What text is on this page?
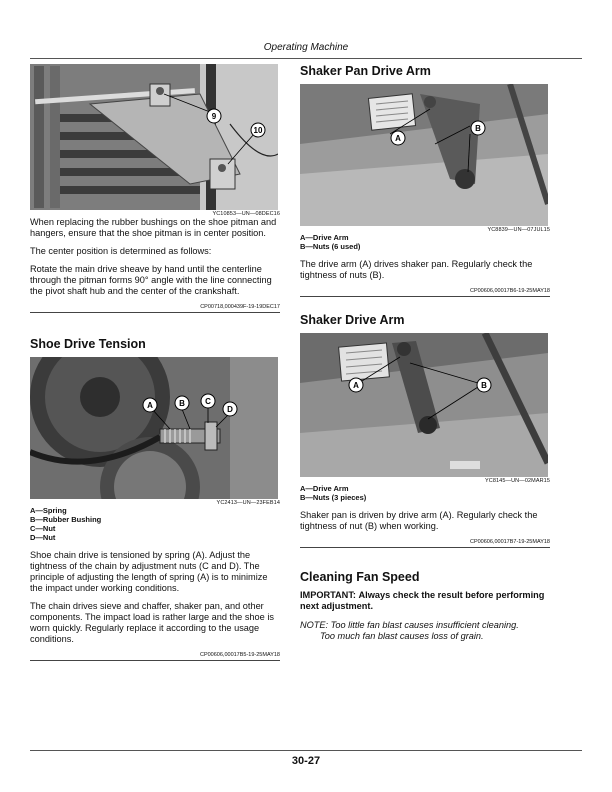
Operating Machine
9
10
YC10853—UN—08DEC16

When replacing the rubber bushings on the shoe pitman and hangers, ensure that the shoe pitman is in center position.

The center position is determined as follows:

Rotate the main drive sheave by hand until the centerline through the pitman forms 90° angle with the line connecting the pivot shaft hub and the center of the crankshaft.

CP00718,000439F-19-19DEC17
Shoe Drive Tension
A	B	C
D
YC2413—UN—23FEB14
A—Spring
B—Rubber Bushing
C—Nut
D—Nut

Shoe chain drive is tensioned by spring (A). Adjust the tightness of the chain by adjustment nuts (C and D). The principle of adjusting the length of spring (A) is to minimize the impact under working conditions.

The chain drives sieve and chaffer, shaker pan, and other components. The impact load is rather large and the shoe is worn quickly. Regularly replace it according to the usage conditions.

CP00606,00017B5-19-25MAY18
Shaker Pan Drive Arm
A
B
YC8839—UN—07JUL15
A—Drive Arm
B—Nuts (6 used)

The drive arm (A) drives shaker pan. Regularly check the tightness of nuts (B).

CP00606,00017B6-19-25MAY18
Shaker Drive Arm
A	B
YC8145—UN—02MAR15
A—Drive Arm
B—Nuts (3 pieces)

Shaker pan is driven by drive arm (A). Regularly check the tightness of nut (B) when working.

CP00606,00017B7-19-25MAY18
Cleaning Fan Speed
IMPORTANT: Always check the result before performing next adjustment.
NOTE: Too little fan blast causes insufficient cleaning.
Too much fan blast causes loss of grain.
30-27
